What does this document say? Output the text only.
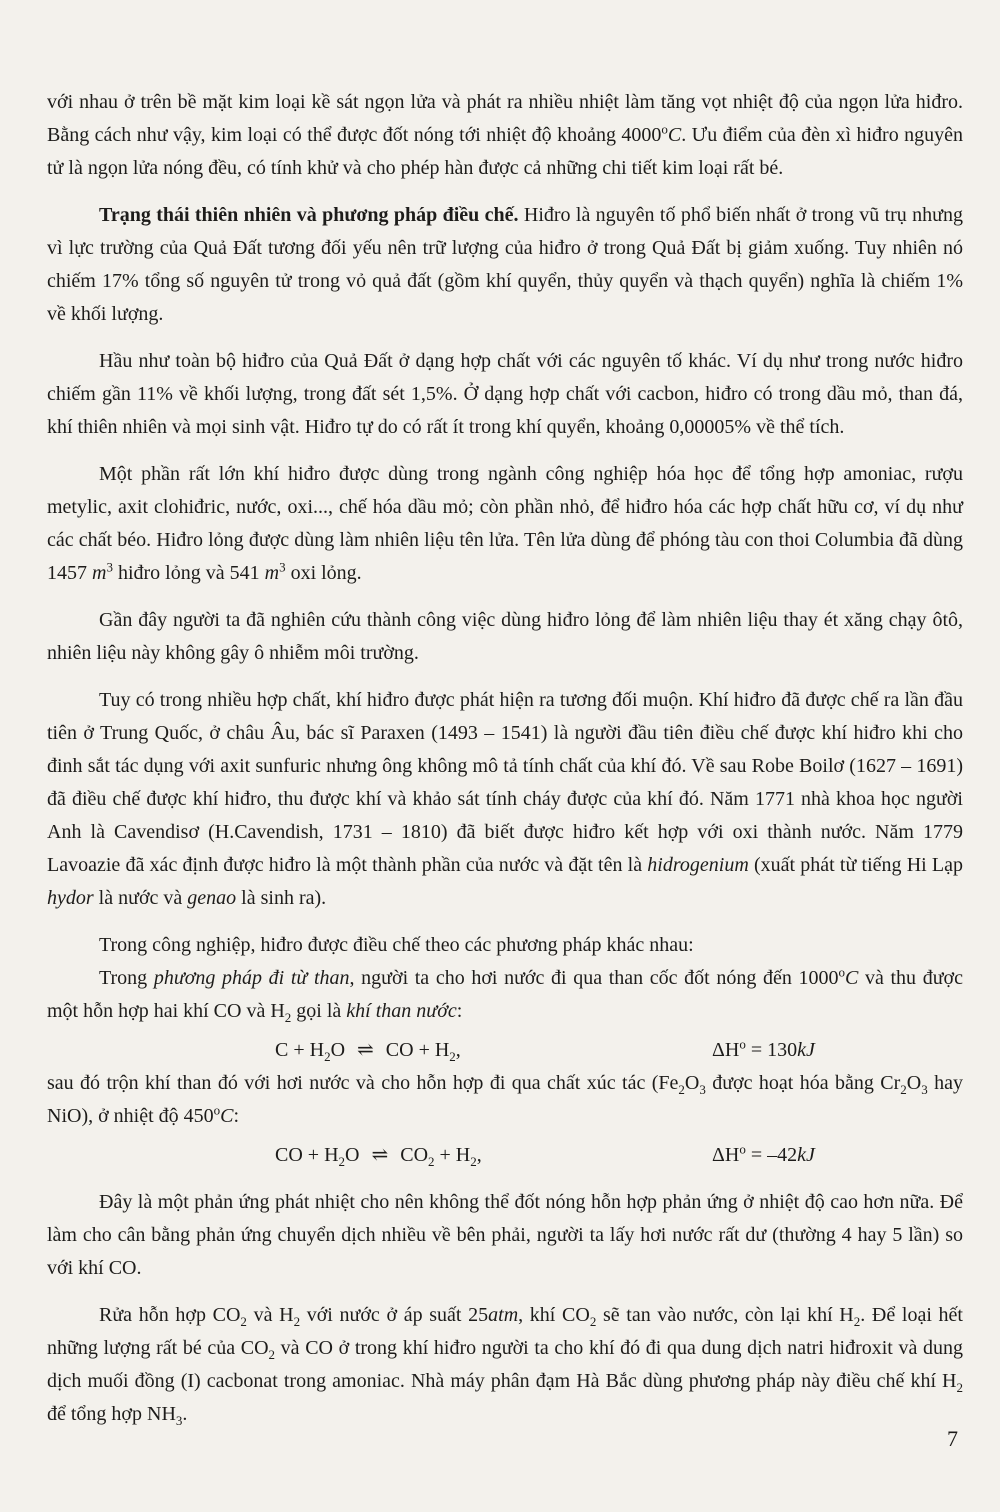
với nhau ở trên bề mặt kim loại kề sát ngọn lửa và phát ra nhiều nhiệt làm tăng vọt nhiệt độ của ngọn lửa hiđro. Bằng cách như vậy, kim loại có thể được đốt nóng tới nhiệt độ khoảng 4000$^o$C. Ưu điểm của đèn xì hiđro nguyên tử là ngọn lửa nóng đều, có tính khử và cho phép hàn được cả những chi tiết kim loại rất bé.
Trạng thái thiên nhiên và phương pháp điều chế. Hiđro là nguyên tố phổ biến nhất ở trong vũ trụ nhưng vì lực trường của Quả Đất tương đối yếu nên trữ lượng của hiđro ở trong Quả Đất bị giảm xuống. Tuy nhiên nó chiếm 17% tổng số nguyên tử trong vỏ quả đất (gồm khí quyển, thủy quyển và thạch quyển) nghĩa là chiếm 1% về khối lượng.
Hầu như toàn bộ hiđro của Quả Đất ở dạng hợp chất với các nguyên tố khác. Ví dụ như trong nước hiđro chiếm gần 11% về khối lượng, trong đất sét 1,5%. Ở dạng hợp chất với cacbon, hiđro có trong dầu mỏ, than đá, khí thiên nhiên và mọi sinh vật. Hiđro tự do có rất ít trong khí quyển, khoảng 0,00005% về thể tích.
Một phần rất lớn khí hiđro được dùng trong ngành công nghiệp hóa học để tổng hợp amoniac, rượu metylic, axit clohiđric, nước, oxi..., chế hóa dầu mỏ; còn phần nhỏ, để hiđro hóa các hợp chất hữu cơ, ví dụ như các chất béo. Hiđro lỏng được dùng làm nhiên liệu tên lửa. Tên lửa dùng để phóng tàu con thoi Columbia đã dùng 1457 $m^3$ hiđro lỏng và 541 $m^3$ oxi lỏng.
Gần đây người ta đã nghiên cứu thành công việc dùng hiđro lỏng để làm nhiên liệu thay ét xăng chạy ôtô, nhiên liệu này không gây ô nhiễm môi trường.
Tuy có trong nhiều hợp chất, khí hiđro được phát hiện ra tương đối muộn. Khí hiđro đã được chế ra lần đầu tiên ở Trung Quốc, ở châu Âu, bác sĩ Paraxen (1493 – 1541) là người đầu tiên điều chế được khí hiđro khi cho đinh sắt tác dụng với axit sunfuric nhưng ông không mô tả tính chất của khí đó. Về sau Robe Boilơ (1627 – 1691) đã điều chế được khí hiđro, thu được khí và khảo sát tính cháy được của khí đó. Năm 1771 nhà khoa học người Anh là Cavendisơ (H.Cavendish, 1731 – 1810) đã biết được hiđro kết hợp với oxi thành nước. Năm 1779 Lavoazie đã xác định được hiđro là một thành phần của nước và đặt tên là hidrogenium (xuất phát từ tiếng Hi Lạp hydor là nước và genao là sinh ra).
Trong công nghiệp, hiđro được điều chế theo các phương pháp khác nhau:
Trong phương pháp đi từ than, người ta cho hơi nước đi qua than cốc đốt nóng đến 1000$^o$C và thu được một hỗn hợp hai khí CO và $H_2$ gọi là khí than nước:
$C + H_2O$ ⇌ CO + $H_2$,	$\Delta H^o = 130kJ$
sau đó trộn khí than đó với hơi nước và cho hỗn hợp đi qua chất xúc tác ($Fe_2O_3$ được hoạt hóa bằng $Cr_2O_3$ hay NiO), ở nhiệt độ 450$^o$C:
CO + $H_2O$ ⇌ $CO_2 + H_2$,	$\Delta H^o = -42kJ$
Đây là một phản ứng phát nhiệt cho nên không thể đốt nóng hỗn hợp phản ứng ở nhiệt độ cao hơn nữa. Để làm cho cân bằng phản ứng chuyển dịch nhiều về bên phải, người ta lấy hơi nước rất dư (thường 4 hay 5 lần) so với khí CO.
Rửa hỗn hợp $CO_2$ và $H_2$ với nước ở áp suất 25atm, khí $CO_2$ sẽ tan vào nước, còn lại khí $H_2$. Để loại hết những lượng rất bé của $CO_2$ và CO ở trong khí hiđro người ta cho khí đó đi qua dung dịch natri hiđroxit và dung dịch muối đồng (I) cacbonat trong amoniac. Nhà máy phân đạm Hà Bắc dùng phương pháp này điều chế khí $H_2$ để tổng hợp $NH_3$.
7
